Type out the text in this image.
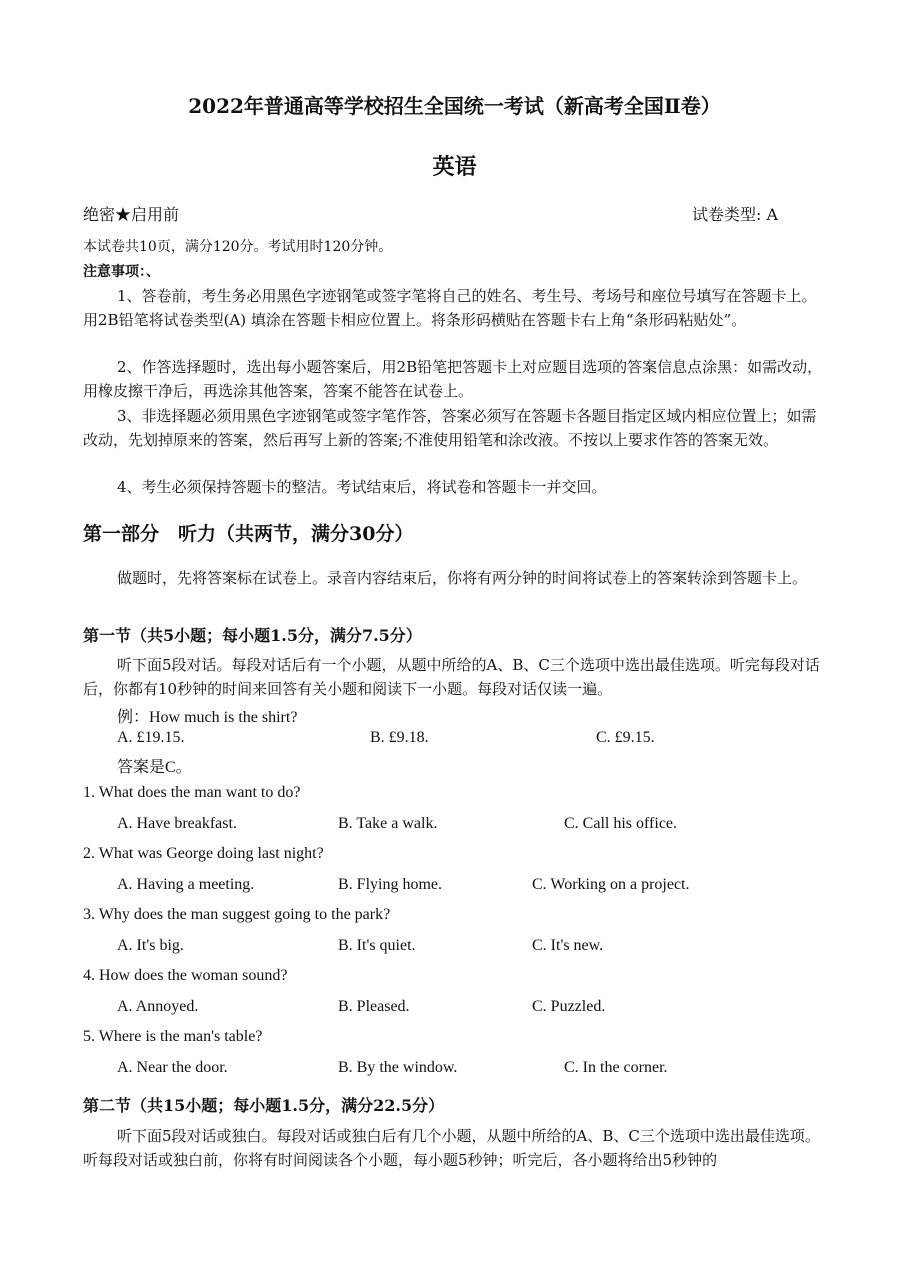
2022年普通高等学校招生全国统一考试（新高考全国Ⅱ卷）
英语
绝密★启用前	试卷类型: A
本试卷共10页，满分120分。考试用时120分钟。
注意事项：、
1、答卷前，考生务必用黑色字迹钢笔或签字笔将自己的姓名、考生号、考场号和座位号填写在答题卡上。用2B铅笔将试卷类型(A) 填涂在答题卡相应位置上。将条形码横贴在答题卡右上角“条形码粘贴处”。
2、作答选择题时，选出每小题答案后，用2B铅笔把答题卡上对应题目选项的答案信息点涂黑：如需改动，用橡皮擦干净后，再选涂其他答案，答案不能答在试卷上。
3、非选择题必须用黑色字迹钢笔或签字笔作答，答案必须写在答题卡各题目指定区域内相应位置上；如需改动，先划掉原来的答案，然后再写上新的答案;不准使用铅笔和涂改液。不按以上要求作答的答案无效。
4、考生必须保持答题卡的整洁。考试结束后，将试卷和答题卡一并交回。
第一部分　听力（共两节，满分30分）
做题时，先将答案标在试卷上。录音内容结束后，你将有两分钟的时间将试卷上的答案转涂到答题卡上。
第一节（共5小题；每小题1.5分，满分7.5分）
听下面5段对话。每段对话后有一个小题，从题中所给的A、B、C三个选项中选出最佳选项。听完每段对话后，你都有10秒钟的时间来回答有关小题和阅读下一小题。每段对话仅读一遍。
例：How much is the shirt?
A. £19.15.	B. £9.18.	C. £9.15.
答案是C。
1. What does the man want to do?
A. Have breakfast.	B. Take a walk.	C. Call his office.
2. What was George doing last night?
A. Having a meeting.	B. Flying home.	C. Working on a project.
3. Why does the man suggest going to the park?
A. It's big.	B. It's quiet.	C. It's new.
4. How does the woman sound?
A. Annoyed.	B. Pleased.	C. Puzzled.
5. Where is the man's table?
A. Near the door.	B. By the window.	C. In the corner.
第二节（共15小题；每小题1.5分，满分22.5分）
听下面5段对话或独白。每段对话或独白后有几个小题，从题中所给的A、B、C三个选项中选出最佳选项。听每段对话或独白前，你将有时间阅读各个小题，每小题5秒钟；听完后，各小题将给出5秒钟的
